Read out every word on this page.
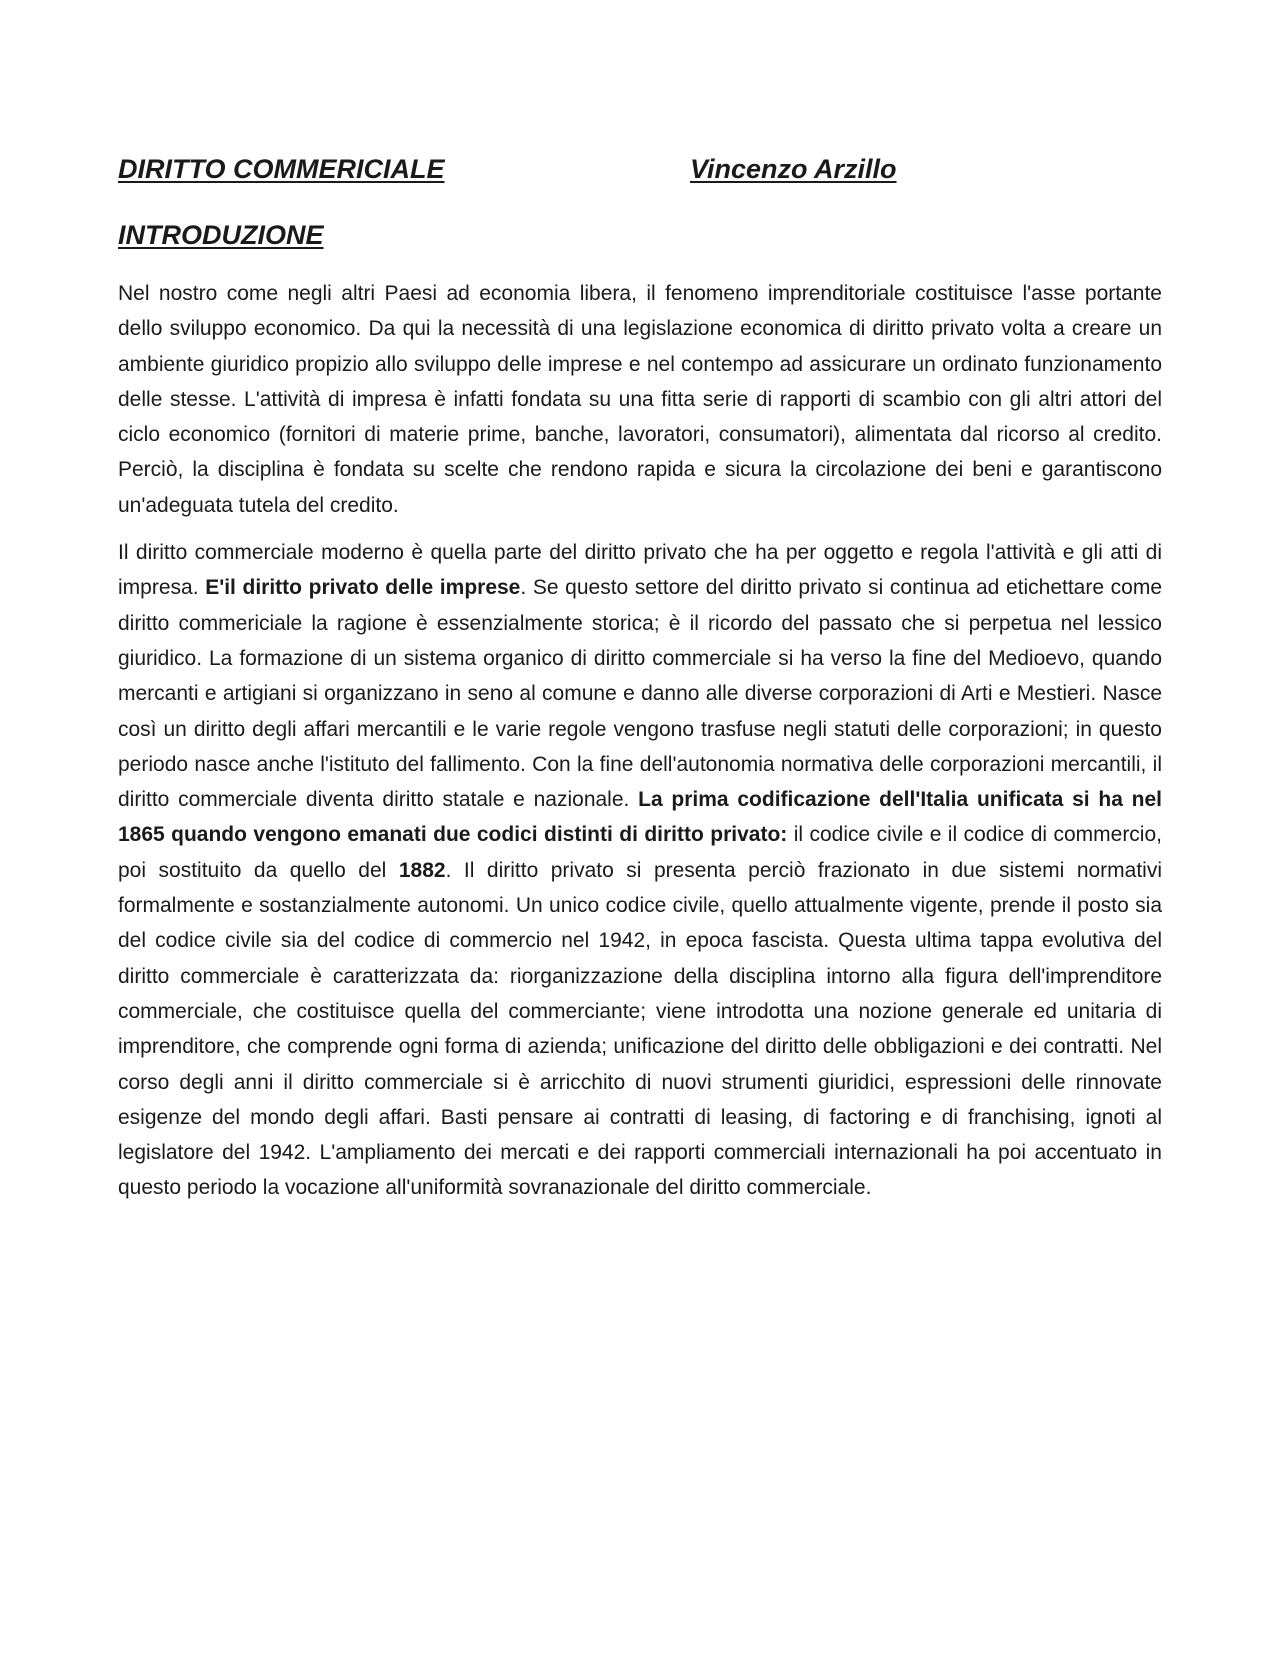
DIRITTO COMMERICIALE	Vincenzo Arzillo
INTRODUZIONE

Nel nostro come negli altri Paesi ad economia libera, il fenomeno imprenditoriale costituisce l'asse portante dello sviluppo economico. Da qui la necessità di una legislazione economica di diritto privato volta a creare un ambiente giuridico propizio allo sviluppo delle imprese e nel contempo ad assicurare un ordinato funzionamento delle stesse. L'attività di impresa è infatti fondata su una fitta serie di rapporti di scambio con gli altri attori del ciclo economico (fornitori di materie prime, banche, lavoratori, consumatori), alimentata dal ricorso al credito. Perciò, la disciplina è fondata su scelte che rendono rapida e sicura la circolazione dei beni e garantiscono un'adeguata tutela del credito.

Il diritto commerciale moderno è quella parte del diritto privato che ha per oggetto e regola l'attività e gli atti di impresa. E'il diritto privato delle imprese. Se questo settore del diritto privato si continua ad etichettare come diritto commericiale la ragione è essenzialmente storica; è il ricordo del passato che si perpetua nel lessico giuridico. La formazione di un sistema organico di diritto commerciale si ha verso la fine del Medioevo, quando mercanti e artigiani si organizzano in seno al comune e danno alle diverse corporazioni di Arti e Mestieri. Nasce così un diritto degli affari mercantili e le varie regole vengono trasfuse negli statuti delle corporazioni; in questo periodo nasce anche l'istituto del fallimento. Con la fine dell'autonomia normativa delle corporazioni mercantili, il diritto commerciale diventa diritto statale e nazionale. La prima codificazione dell'Italia unificata si ha nel 1865 quando vengono emanati due codici distinti di diritto privato: il codice civile e il codice di commercio, poi sostituito da quello del 1882. Il diritto privato si presenta perciò frazionato in due sistemi normativi formalmente e sostanzialmente autonomi. Un unico codice civile, quello attualmente vigente, prende il posto sia del codice civile sia del codice di commercio nel 1942, in epoca fascista. Questa ultima tappa evolutiva del diritto commerciale è caratterizzata da: riorganizzazione della disciplina intorno alla figura dell'imprenditore commerciale, che costituisce quella del commerciante; viene introdotta una nozione generale ed unitaria di imprenditore, che comprende ogni forma di azienda; unificazione del diritto delle obbligazioni e dei contratti. Nel corso degli anni il diritto commerciale si è arricchito di nuovi strumenti giuridici, espressioni delle rinnovate esigenze del mondo degli affari. Basti pensare ai contratti di leasing, di factoring e di franchising, ignoti al legislatore del 1942. L'ampliamento dei mercati e dei rapporti commerciali internazionali ha poi accentuato in questo periodo la vocazione all'uniformità sovranazionale del diritto commerciale.
